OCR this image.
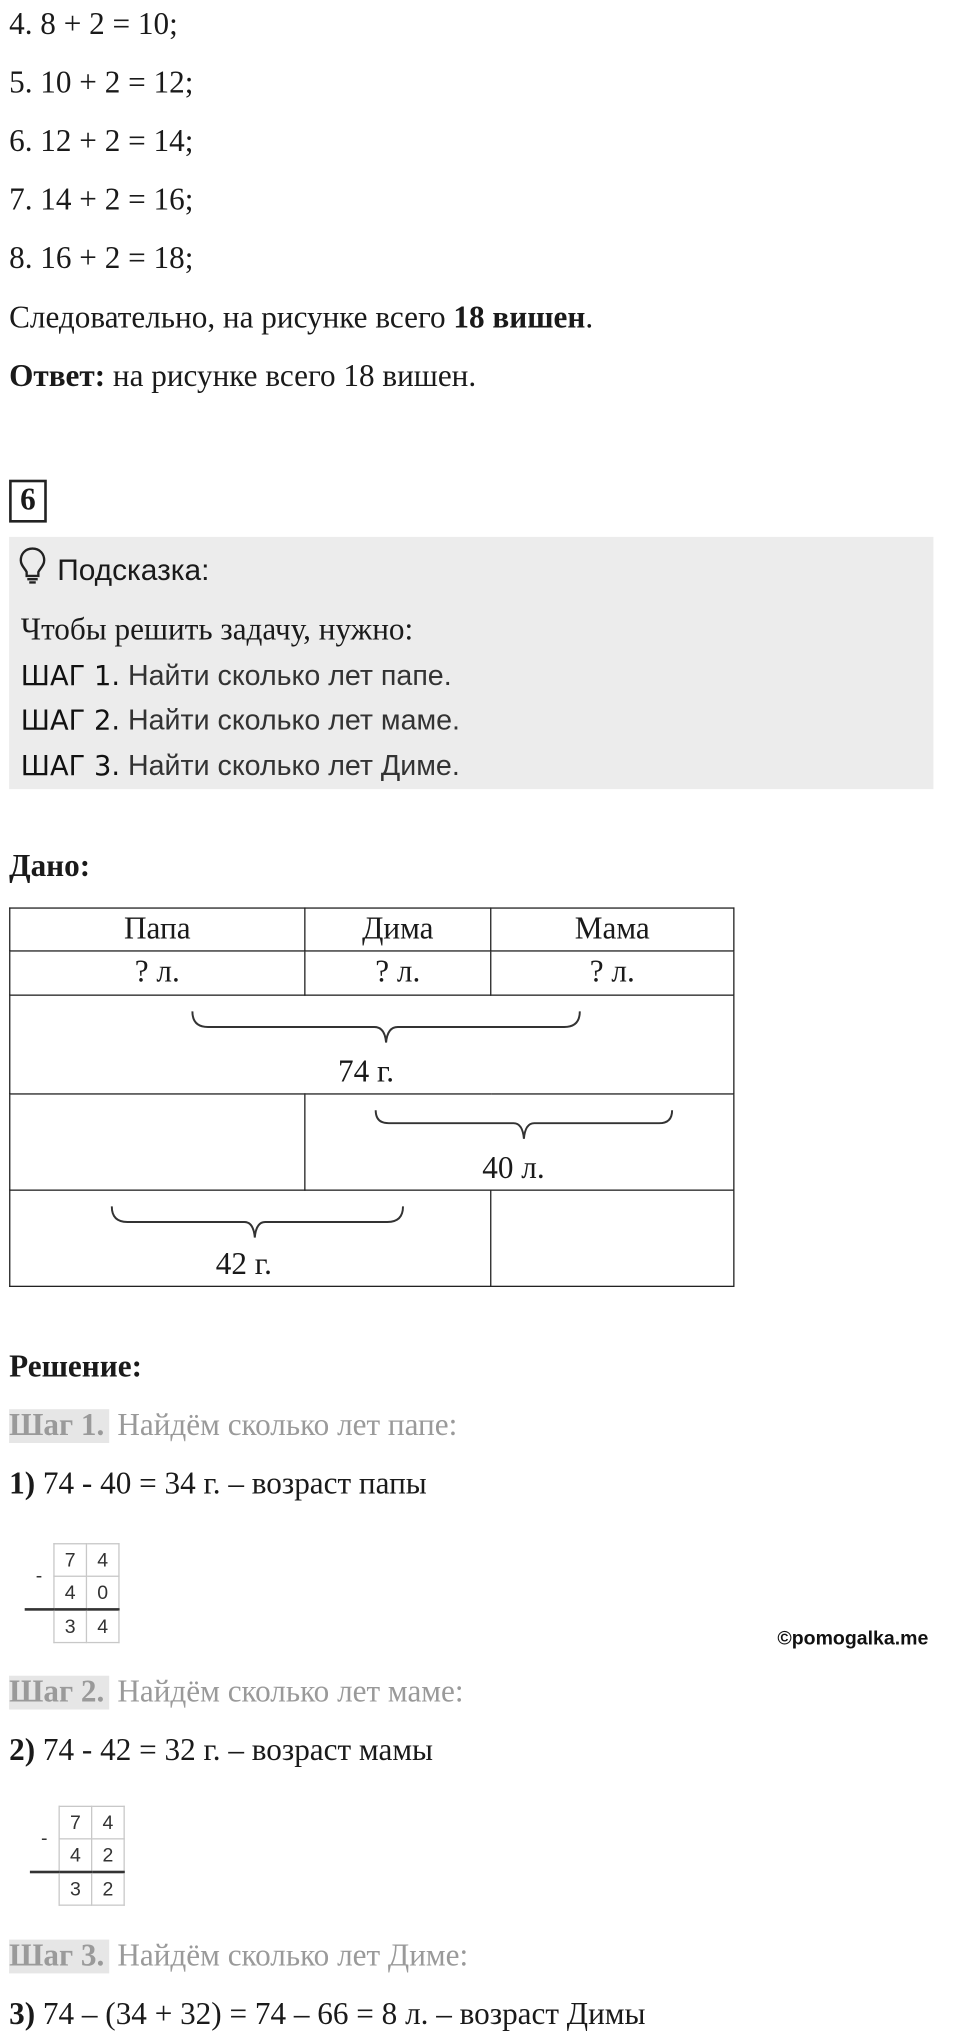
4. 8 + 2 = 10;
5. 10 + 2 = 12;
6. 12 + 2 = 14;
7. 14 + 2 = 16;
8. 16 + 2 = 18;
Следовательно, на рисунке всего 18 вишен.
Ответ: на рисунке всего 18 вишен.
6
Подсказка:
Чтобы решить задачу, нужно:
ШАГ 1. Найти сколько лет папе.
ШАГ 2. Найти сколько лет маме.
ШАГ 3. Найти сколько лет Диме.
Дано:
Папа	Дима	Мама
? л.	? л.	? л.

74 г.		

	40 л.	

42 г.		

Решение:
Шаг 1. Найдём сколько лет папе:
1) 74 - 40 = 34 г. – возраст папы
-	7	4
	4	0
	3	4
©pomogalka.me
Шаг 2. Найдём сколько лет маме:
2) 74 - 42 = 32 г. – возраст мамы
-	7	4
	4	2
	3	2
Шаг 3. Найдём сколько лет Диме:
3) 74 – (34 + 32) = 74 – 66 = 8 л. – возраст Димы
